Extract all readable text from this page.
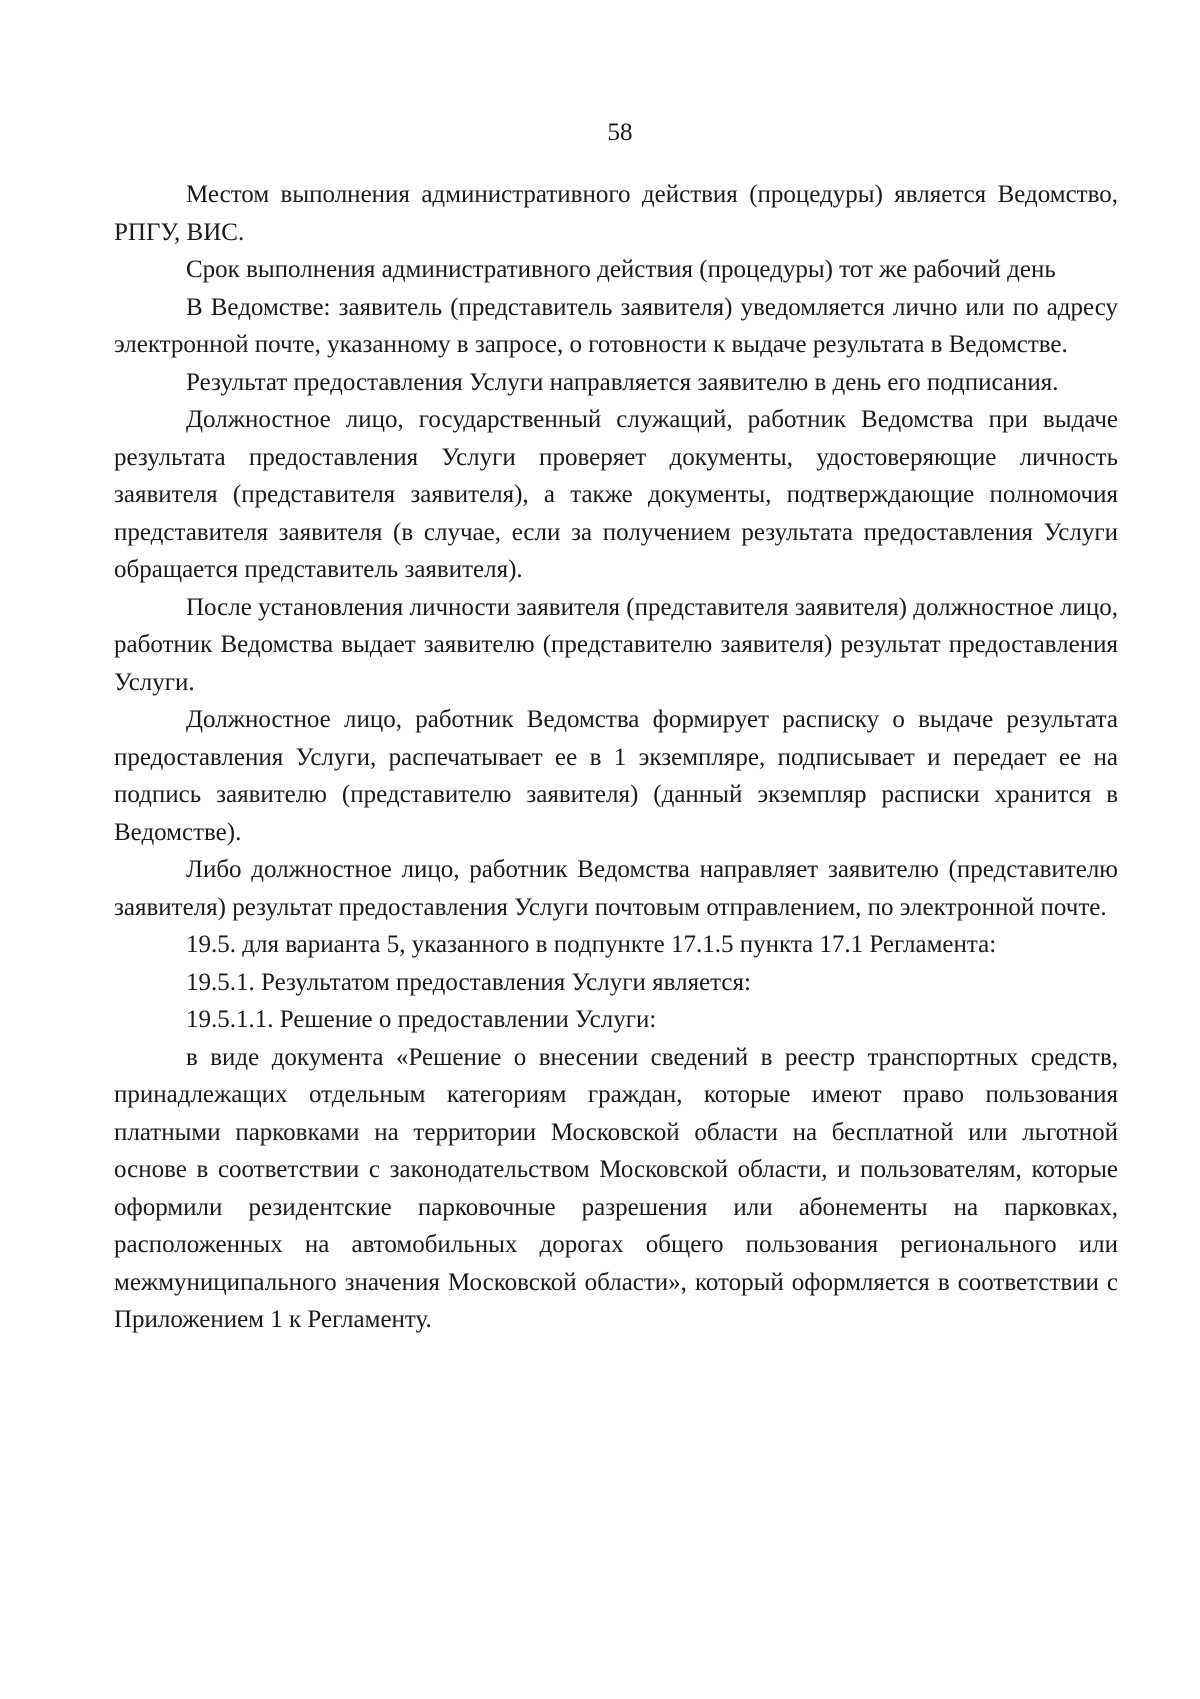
58

Местом выполнения административного действия (процедуры) является Ведомство, РПГУ, ВИС.

Срок выполнения административного действия (процедуры) тот же рабочий день

В Ведомстве: заявитель (представитель заявителя) уведомляется лично или по адресу электронной почте, указанному в запросе, о готовности к выдаче результата в Ведомстве.

Результат предоставления Услуги направляется заявителю в день его подписания.

Должностное лицо, государственный служащий, работник Ведомства при выдаче результата предоставления Услуги проверяет документы, удостоверяющие личность заявителя (представителя заявителя), а также документы, подтверждающие полномочия представителя заявителя (в случае, если за получением результата предоставления Услуги обращается представитель заявителя).

После установления личности заявителя (представителя заявителя) должностное лицо, работник Ведомства выдает заявителю (представителю заявителя) результат предоставления Услуги.

Должностное лицо, работник Ведомства формирует расписку о выдаче результата предоставления Услуги, распечатывает ее в 1 экземпляре, подписывает и передает ее на подпись заявителю (представителю заявителя) (данный экземпляр расписки хранится в Ведомстве).

Либо должностное лицо, работник Ведомства направляет заявителю (представителю заявителя) результат предоставления Услуги почтовым отправлением, по электронной почте.

19.5. для варианта 5, указанного в подпункте 17.1.5 пункта 17.1 Регламента:

19.5.1. Результатом предоставления Услуги является:

19.5.1.1. Решение о предоставлении Услуги:

в виде документа «Решение о внесении сведений в реестр транспортных средств, принадлежащих отдельным категориям граждан, которые имеют право пользования платными парковками на территории Московской области на бесплатной или льготной основе в соответствии с законодательством Московской области, и пользователям, которые оформили резидентские парковочные разрешения или абонементы на парковках, расположенных на автомобильных дорогах общего пользования регионального или межмуниципального значения Московской области», который оформляется в соответствии с Приложением 1 к Регламенту.
